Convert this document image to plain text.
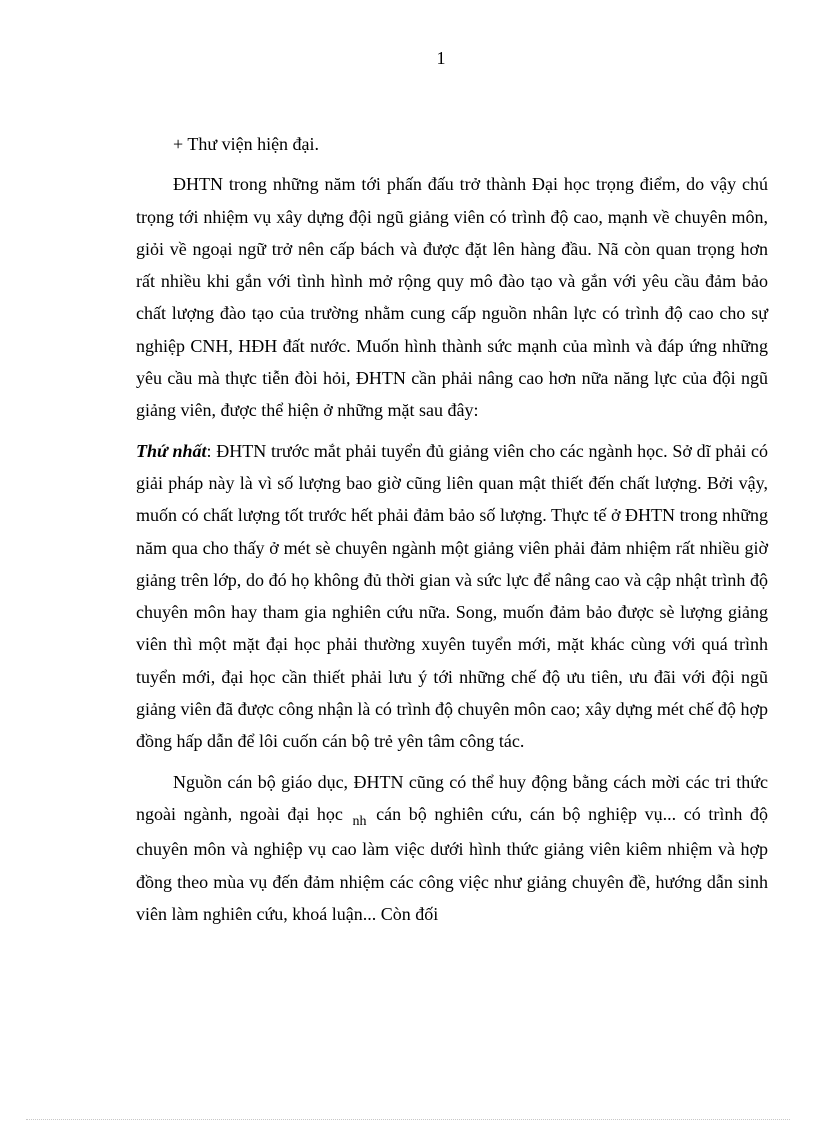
1

+ Thư viện hiện đại.

ĐHTN trong những năm tới phấn đấu trở thành Đại học trọng điểm, do vậy chú trọng tới nhiệm vụ xây dựng đội ngũ giảng viên có trình độ cao, mạnh về chuyên môn, giỏi về ngoại ngữ trở nên cấp bách và được đặt lên hàng đầu. Nã còn quan trọng hơn rất nhiều khi gắn với tình hình mở rộng quy mô đào tạo và gắn với yêu cầu đảm bảo chất lượng đào tạo của trường nhằm cung cấp nguồn nhân lực có trình độ cao cho sự nghiệp CNH, HĐH đất nước. Muốn hình thành sức mạnh của mình và đáp ứng những yêu cầu mà thực tiễn đòi hỏi, ĐHTN cần phải nâng cao hơn nữa năng lực của đội ngũ giảng viên, được thể hiện ở những mặt sau đây:

Thứ nhất: ĐHTN trước mắt phải tuyển đủ giảng viên cho các ngành học. Sở dĩ phải có giải pháp này là vì số lượng bao giờ cũng liên quan mật thiết đến chất lượng. Bởi vậy, muốn có chất lượng tốt trước hết phải đảm bảo số lượng. Thực tế ở ĐHTN trong những năm qua cho thấy ở mét sè chuyên ngành một giảng viên phải đảm nhiệm rất nhiều giờ giảng trên lớp, do đó họ không đủ thời gian và sức lực để nâng cao và cập nhật trình độ chuyên môn hay tham gia nghiên cứu nữa. Song, muốn đảm bảo được sè lượng giảng viên thì một mặt đại học phải thường xuyên tuyển mới, mặt khác cùng với quá trình tuyển mới, đại học cần thiết phải lưu ý tới những chế độ ưu tiên, ưu đãi với đội ngũ giảng viên đã được công nhận là có trình độ chuyên môn cao; xây dựng mét chế độ hợp đồng hấp dẫn để lôi cuốn cán bộ trẻ yên tâm công tác.

Nguồn cán bộ giáo dục, ĐHTN cũng có thể huy động bằng cách mời các tri thức ngoài ngành, ngoài đại học $_{nh}$ cán bộ nghiên cứu, cán bộ nghiệp vụ... có trình độ chuyên môn và nghiệp vụ cao làm việc dưới hình thức giảng viên kiêm nhiệm và hợp đồng theo mùa vụ đến đảm nhiệm các công việc như giảng chuyên đề, hướng dẫn sinh viên làm nghiên cứu, khoá luận... Còn đối
